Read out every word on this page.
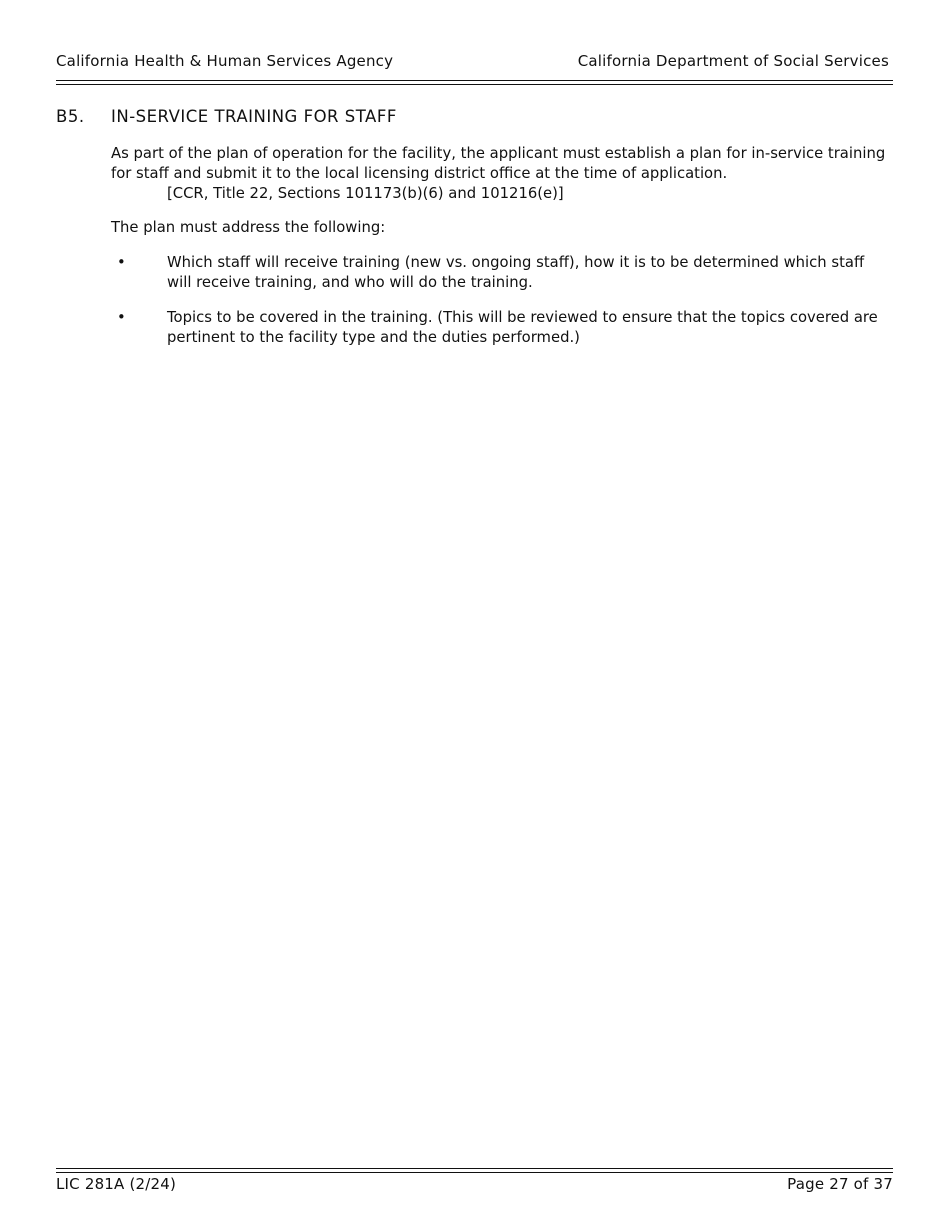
California Health & Human Services Agency	California Department of Social Services
B5. IN-SERVICE TRAINING FOR STAFF
As part of the plan of operation for the facility, the applicant must establish a plan for in-service training for staff and submit it to the local licensing district office at the time of application.
[CCR, Title 22, Sections 101173(b)(6) and 101216(e)]
The plan must address the following:
•	Which staff will receive training (new vs. ongoing staff), how it is to be determined which staff will receive training, and who will do the training.
•	Topics to be covered in the training. (This will be reviewed to ensure that the topics covered are pertinent to the facility type and the duties performed.)
LIC 281A (2/24)	Page 27 of 37
